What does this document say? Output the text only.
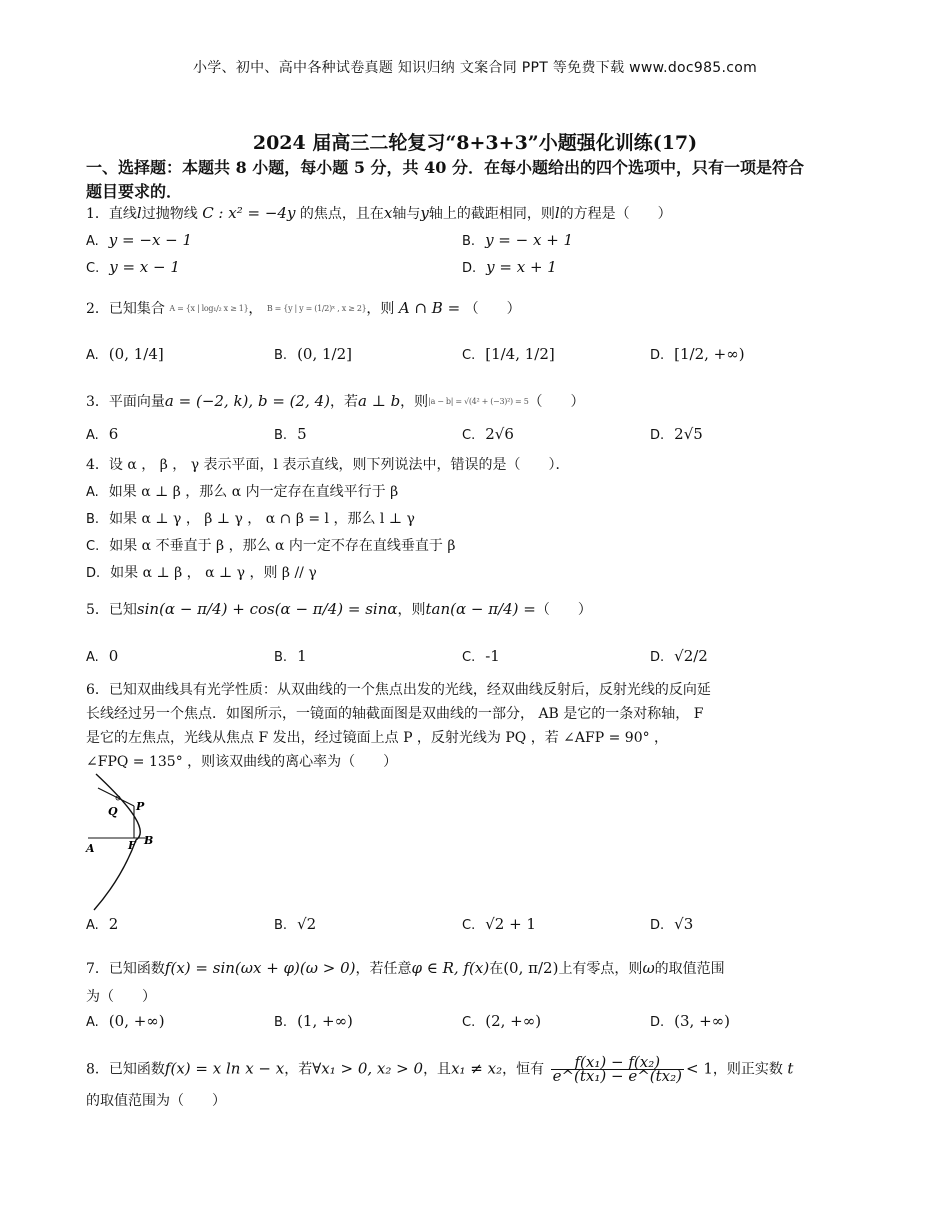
小学、初中、高中各种试卷真题 知识归纳 文案合同 PPT 等免费下载 www.doc985.com
2024 届高三二轮复习“8+3+3”小题强化训练(17)
一、选择题：本题共 8 小题，每小题 5 分，共 40 分．在每小题给出的四个选项中，只有一项是符合题目要求的．
1．直线l过抛物线 C : x² = −4y 的焦点，且在x轴与y轴上的截距相同，则l的方程是（　　）
A. y = −x − 1	B. y = − x + 1
C. y = x − 1	D. y = x + 1
2．已知集合 A = {x | log₁/₂ x ≥ 1}， B = {y | y = (1/2)ˣ , x ≥ 2}，则 A ∩ B = （　　）
A. (0, 1/4]	B. (0, 1/2]	C. [1/4, 1/2]	D. [1/2, +∞)
3．平面向量a = (−2, k), b = (2, 4)，若a ⊥ b，则|a − b| = √(4² + (−3)²) = 5（　　）
A. 6	B. 5	C. 2√6	D. 2√5
4．设 α ， β ， γ 表示平面，l 表示直线，则下列说法中，错误的是（　　）．
A. 如果 α ⊥ β ，那么 α 内一定存在直线平行于 β
B. 如果 α ⊥ γ ， β ⊥ γ ， α ∩ β = l ，那么 l ⊥ γ
C. 如果 α 不垂直于 β ，那么 α 内一定不存在直线垂直于 β
D. 如果 α ⊥ β ， α ⊥ γ ，则 β // γ
5．已知sin(α − π/4) + cos(α − π/4) = sinα，则tan(α − π/4) =（　　）
A. 0	B. 1	C. -1	D. √2/2
6．已知双曲线具有光学性质：从双曲线的一个焦点出发的光线，经双曲线反射后，反射光线的反向延
长线经过另一个焦点．如图所示，一镜面的轴截面图是双曲线的一部分， AB 是它的一条对称轴， F
是它的左焦点，光线从焦点 F 发出，经过镜面上点 P ，反射光线为 PQ ，若 ∠AFP = 90° ，
∠FPQ = 135° ，则该双曲线的离心率为（　　）
Q P
A	F B
A. 2	B. √2	C. √2 + 1	D. √3
7．已知函数f(x) = sin(ωx + φ)(ω > 0)，若任意φ ∈ R, f(x)在(0, π/2)上有零点，则ω的取值范围
为（　　）
A. (0, +∞)	B. (1, +∞)	C. (2, +∞)	D. (3, +∞)
8．已知函数f(x) = x ln x − x，若∀x₁ > 0, x₂ > 0，且x₁ ≠ x₂，恒有 $\frac{\text{f(x₁) − f(x₂)}}{\text{e\textasciicircum{}(tx₁) − e\textasciicircum{}(tx₂)}} < 1$，则正实数 t
的取值范围为（　　）
